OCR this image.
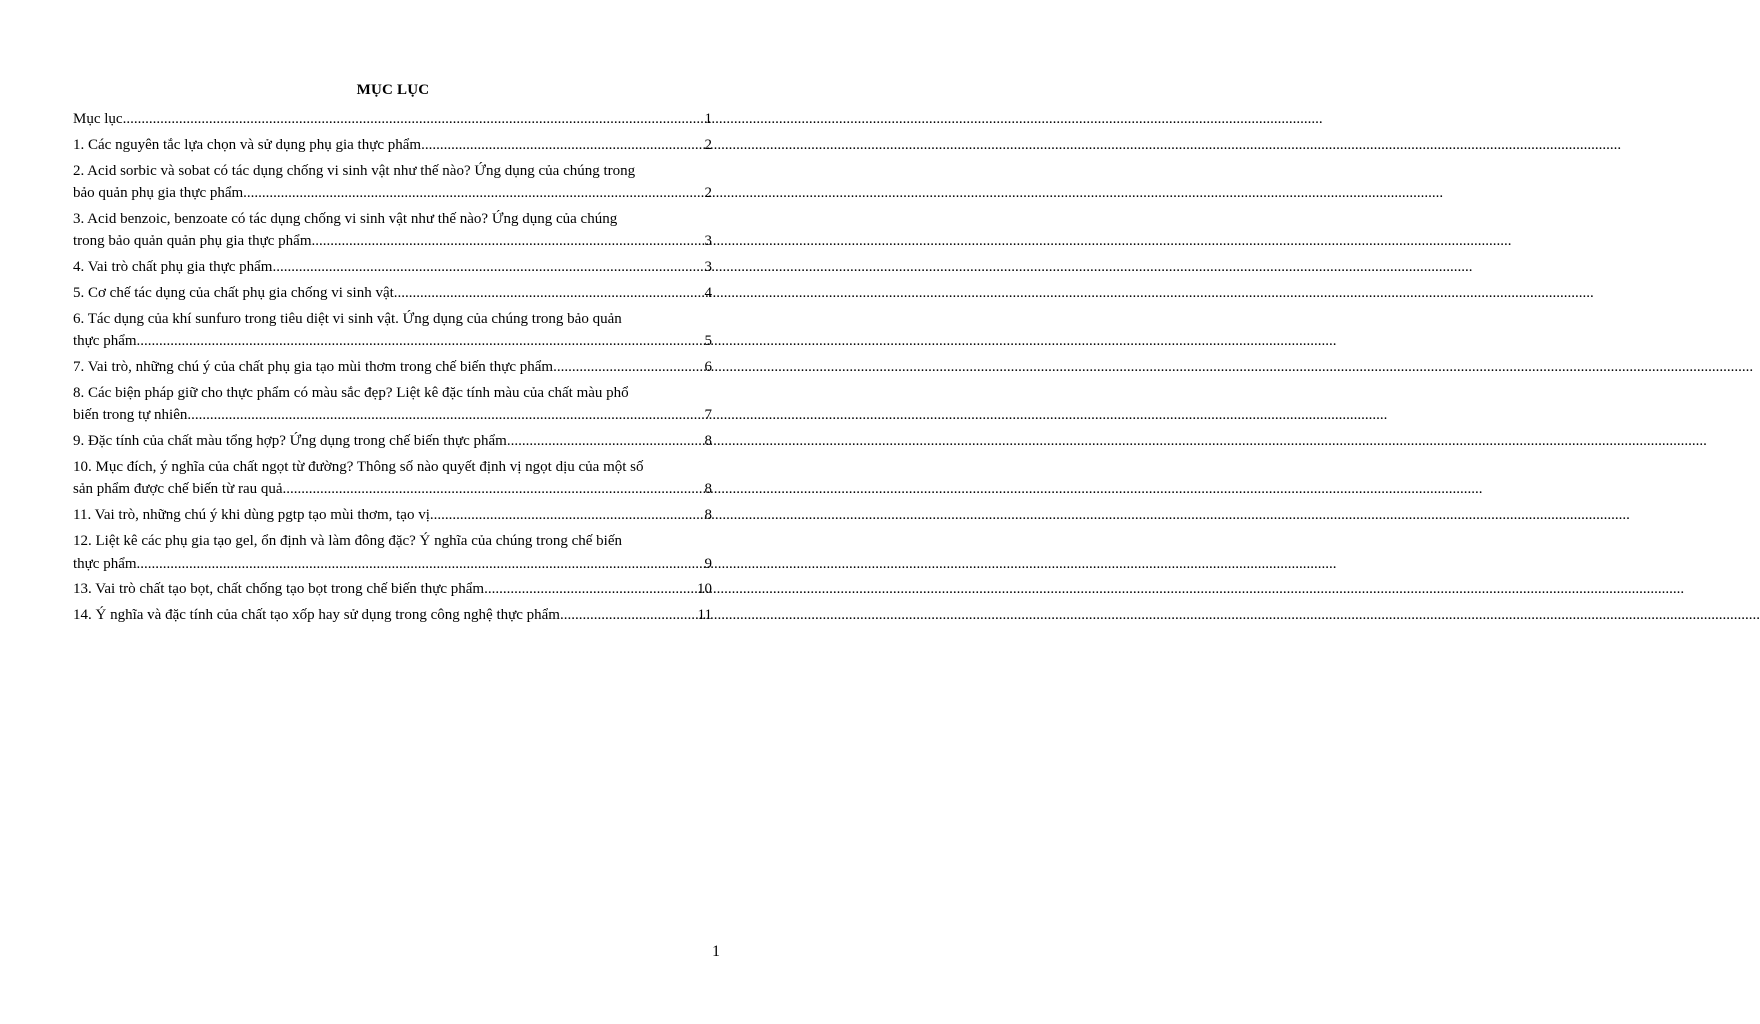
MỤC LỤC
Mục lục .....	1
1. Các nguyên tắc lựa chọn và sử dụng phụ gia thực phẩm .....	2
2. Acid sorbic và sobat có tác dụng chống vi sinh vật như thế nào? Ứng dụng của chúng trong
bảo quản phụ gia thực phẩm .....	2
3. Acid benzoic, benzoate có tác dụng chống vi sinh vật như thế nào? Ứng dụng của chúng
trong bảo quản quản phụ gia thực phẩm .....	3
4. Vai trò chất phụ gia thực phẩm .....	3
5. Cơ chế tác dụng của chất phụ gia chống vi sinh vật .....	4
6. Tác dụng của khí sunfuro trong tiêu diệt vi sinh vật. Ứng dụng của chúng trong bảo quản
thực phẩm .....	5
7. Vai trò, những chú ý của chất phụ gia tạo mùi thơm trong chế biến thực phẩm .....	6
8. Các biện pháp giữ cho thực phẩm có màu sắc đẹp? Liệt kê đặc tính màu của chất màu phổ
biến trong tự nhiên .....	7
9. Đặc tính của chất màu tổng hợp? Ứng dụng trong chế biến thực phẩm .....	8
10. Mục đích, ý nghĩa của chất ngọt từ đường? Thông số nào quyết định vị ngọt dịu của một số
sản phẩm được chế biến từ rau quả .....	8
11. Vai trò, những chú ý khi dùng pgtp tạo mùi thơm, tạo vị .....	8
12. Liệt kê các phụ gia tạo gel, ổn định và làm đông đặc? Ý nghĩa của chúng trong chế biến
thực phẩm .....	9
13. Vai trò chất tạo bọt, chất chống tạo bọt trong chế biến thực phẩm .....	10
14. Ý nghĩa và đặc tính của chất tạo xốp hay sử dụng trong công nghệ thực phẩm .....	11
1
